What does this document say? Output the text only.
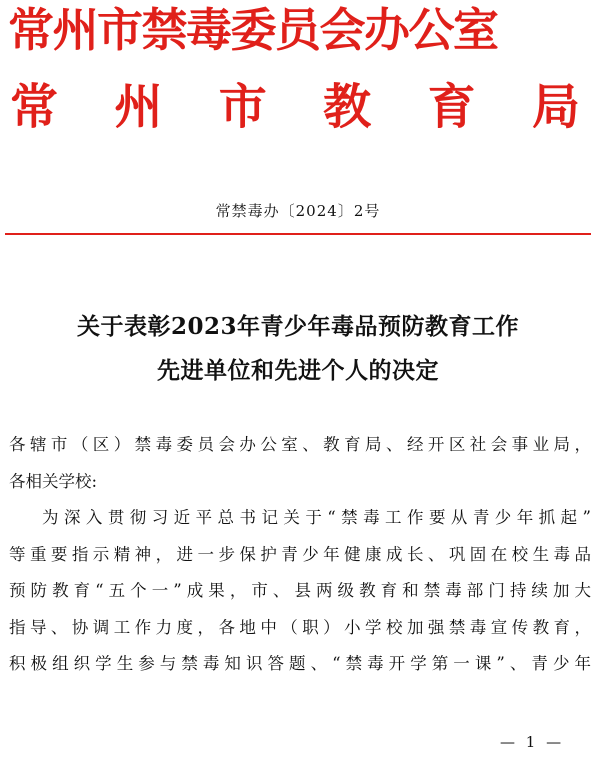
常州市禁毒委员会办公室
常 州 市 教 育 局
常禁毒办〔2024〕2号
关于表彰2023年青少年毒品预防教育工作
先进单位和先进个人的决定
各辖市（区）禁毒委员会办公室、教育局、经开区社会事业局，
各相关学校:
为深入贯彻习近平总书记关于“禁毒工作要从青少年抓起”
等重要指示精神，进一步保护青少年健康成长、巩固在校生毒品
预防教育“五个一”成果，市、县两级教育和禁毒部门持续加大
指导、协调工作力度，各地中（职）小学校加强禁毒宣传教育，
积极组织学生参与禁毒知识答题、“禁毒开学第一课”、青少年
— 1 —
